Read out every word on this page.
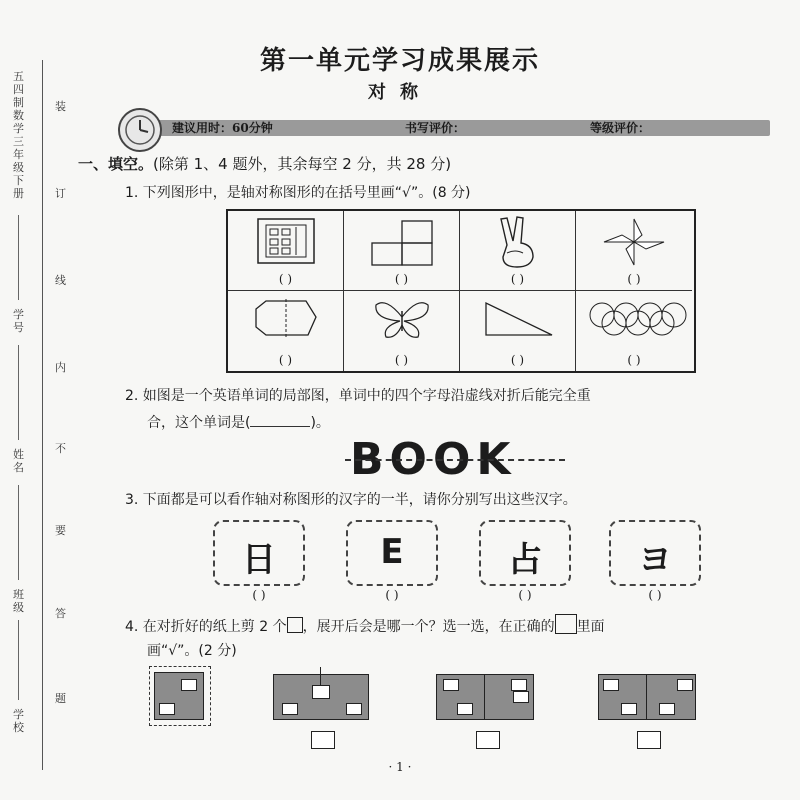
五四制 数学 三年级 下册
学号
姓名
班级
学校
装
订
线
内
不
要
答
题
第一单元学习成果展示
对称
建议用时：60分钟	书写评价：	等级评价：
一、填空。(除第 1、4 题外，其余每空 2 分，共 28 分)
1. 下列图形中，是轴对称图形的在括号里画“√”。(8 分)
( )	( )	( )	( )
( )	( )	( )	( )
2. 如图是一个英语单词的局部图，单词中的四个字母沿虚线对折后能完全重
合，这个单词是(	)。
BOOK
3. 下面都是可以看作轴对称图形的汉字的一半，请你分别写出这些汉字。
日	E	占	ヨ
( )	( )	( )	( )
4. 在对折好的纸上剪 2 个 ，展开后会是哪一个？选一选，在正确的 里面
画“√”。(2 分)
· 1 ·
